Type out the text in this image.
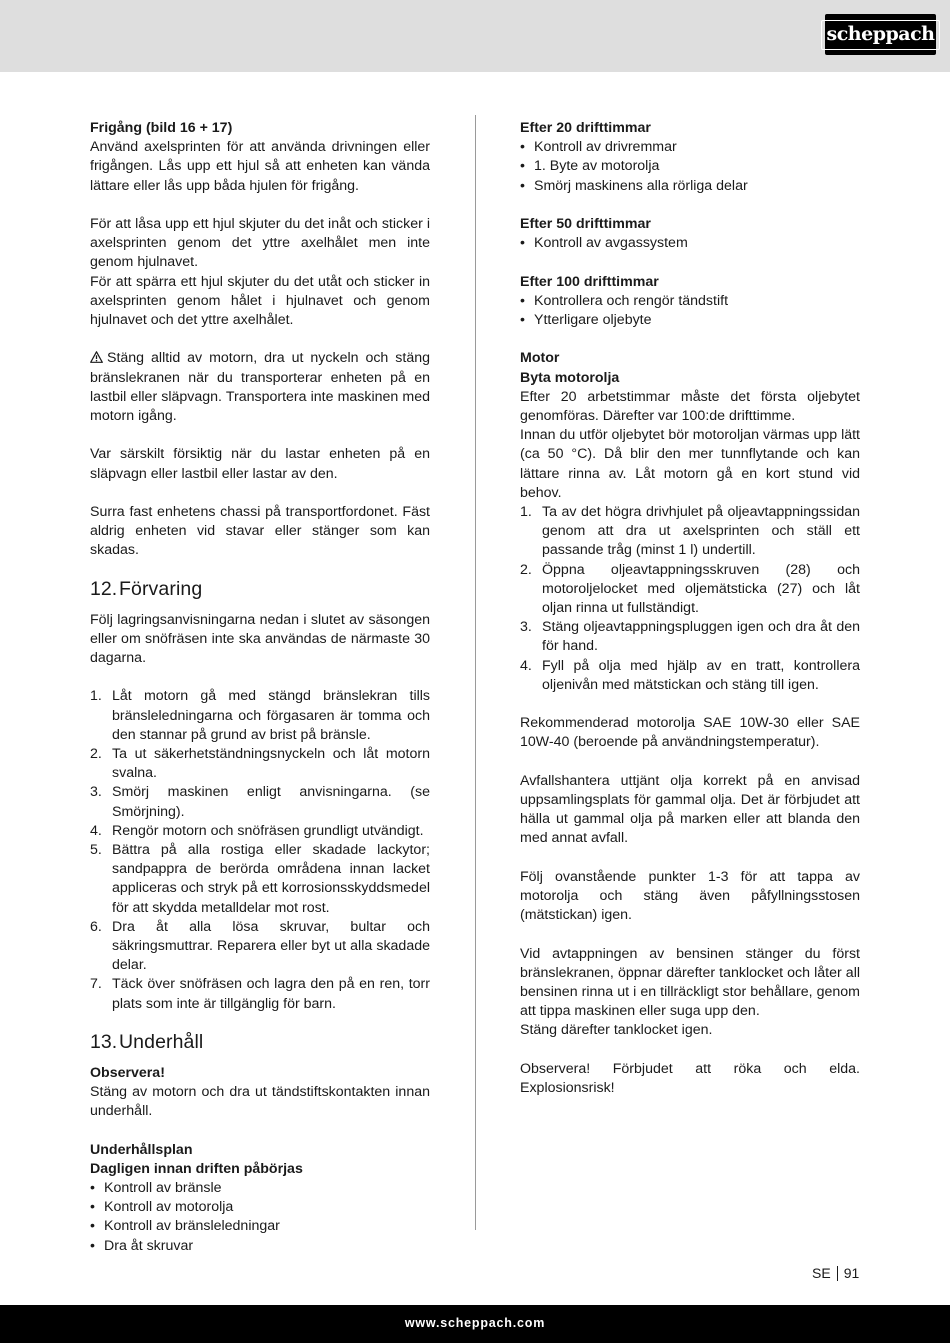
scheppach
Frigång (bild 16 + 17)

Använd axelsprinten för att använda drivningen eller frigången. Lås upp ett hjul så att enheten kan vända lättare eller lås upp båda hjulen för frigång.

För att låsa upp ett hjul skjuter du det inåt och sticker i axelsprinten genom det yttre axelhålet men inte genom hjulnavet.

För att spärra ett hjul skjuter du det utåt och sticker in axelsprinten genom hålet i hjulnavet och genom hjulnavet och det yttre axelhålet.

Stäng alltid av motorn, dra ut nyckeln och stäng bränslekranen när du transporterar enheten på en lastbil eller släpvagn. Transportera inte maskinen med motorn igång.

Var särskilt försiktig när du lastar enheten på en släpvagn eller lastbil eller lastar av den.

Surra fast enhetens chassi på transportfordonet. Fäst aldrig enheten vid stavar eller stänger som kan skadas.

12. Förvaring

Följ lagringsanvisningarna nedan i slutet av säsongen eller om snöfräsen inte ska användas de närmaste 30 dagarna.

1. Låt motorn gå med stängd bränslekran tills bränsleledningarna och förgasaren är tomma och den stannar på grund av brist på bränsle.
2. Ta ut säkerhetständningsnyckeln och låt motorn svalna.
3. Smörj maskinen enligt anvisningarna. (se Smörjning).
4. Rengör motorn och snöfräsen grundligt utvändigt.
5. Bättra på alla rostiga eller skadade lackytor; sandpappra de berörda områdena innan lacket appliceras och stryk på ett korrosionsskyddsmedel för att skydda metalldelar mot rost.
6. Dra åt alla lösa skruvar, bultar och säkringsmuttrar. Reparera eller byt ut alla skadade delar.
7. Täck över snöfräsen och lagra den på en ren, torr plats som inte är tillgänglig för barn.
13. Underhåll
Observera!

Stäng av motorn och dra ut tändstiftskontakten innan underhåll.

Underhållsplan
Dagligen innan driften påbörjas
• Kontroll av bränsle
• Kontroll av motorolja
• Kontroll av bränsleledningar
• Dra åt skruvar
Efter 20 drifttimmar
• Kontroll av drivremmar
• 1. Byte av motorolja
• Smörj maskinens alla rörliga delar
Efter 50 drifttimmar
• Kontroll av avgassystem
Efter 100 drifttimmar
• Kontrollera och rengör tändstift
• Ytterligare oljebyte
Motor
Byta motorolja

Efter 20 arbetstimmar måste det första oljebytet genomföras. Därefter var 100:de drifttimme.

Innan du utför oljebytet bör motoroljan värmas upp lätt (ca 50 °C). Då blir den mer tunnflytande och kan lättare rinna av. Låt motorn gå en kort stund vid behov.

1. Ta av det högra drivhjulet på oljeavtappningssidan genom att dra ut axelsprinten och ställ ett passande tråg (minst 1 l) undertill.
2. Öppna oljeavtappningsskruven (28) och motoroljelocket med oljemätsticka (27) och låt oljan rinna ut fullständigt.
3. Stäng oljeavtappningspluggen igen och dra åt den för hand.
4. Fyll på olja med hjälp av en tratt, kontrollera oljenivån med mätstickan och stäng till igen.

Rekommenderad motorolja SAE 10W-30 eller SAE 10W-40 (beroende på användningstemperatur).

Avfallshantera uttjänt olja korrekt på en anvisad uppsamlingsplats för gammal olja. Det är förbjudet att hälla ut gammal olja på marken eller att blanda den med annat avfall.

Följ ovanstående punkter 1-3 för att tappa av motorolja och stäng även påfyllningsstosen (mätstickan) igen.

Vid avtappningen av bensinen stänger du först bränslekranen, öppnar därefter tanklocket och låter all bensinen rinna ut i en tillräckligt stor behållare, genom att tippa maskinen eller suga upp den.

Stäng därefter tanklocket igen.

Observera! Förbjudet att röka och elda. Explosionsrisk!

SE 91
www.scheppach.com
